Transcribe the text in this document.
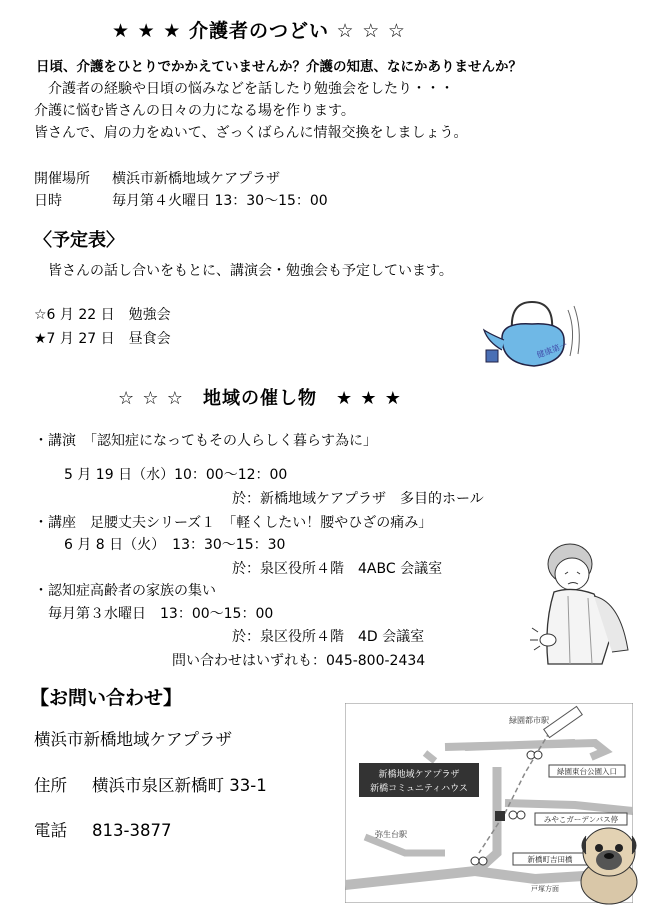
★ ★ ★ 介護者のつどい ☆ ☆ ☆
日頃、介護をひとりでかかえていませんか？介護の知恵、なにかありませんか？
介護者の経験や日頃の悩みなどを話したり勉強会をしたり・・・
介護に悩む皆さんの日々の力になる場を作ります。
皆さんで、肩の力をぬいて、ざっくばらんに情報交換をしましょう。
開催場所 横浜市新橋地域ケアプラザ
日時	毎月第４火曜日 13：30～15：00
〈予定表〉
皆さんの話し合いをもとに、講演会・勉強会も予定しています。
☆6 月 22 日　勉強会
★7 月 27 日　昼食会
健康第一
☆ ☆ ☆　地域の催し物　★ ★ ★
・講演　「認知症になってもその人らしく暮らす為に」
5 月 19 日（水）10：00～12：00
於：新橋地域ケアプラザ　多目的ホール
・講座　足腰丈夫シリーズ１　「軽くしたい！腰やひざの痛み」
6 月 8 日（火）　13：30～15：30
於：泉区役所４階　4ABC 会議室
・認知症高齢者の家族の集い
毎月第３水曜日　13：00～15：00
於：泉区役所４階　4D 会議室
問い合わせはいずれも：045-800-2434
【お問い合わせ】
横浜市新橋地域ケアプラザ
住所 横浜市泉区新橋町 33-1
電話 813-3877
新橋地域ケアプラザ
新橋コミュニティハウス
緑園都市駅
緑園東台公園入口
みやこガーデンバス停
新橋町吉田橋
弥生台駅
戸塚方面
